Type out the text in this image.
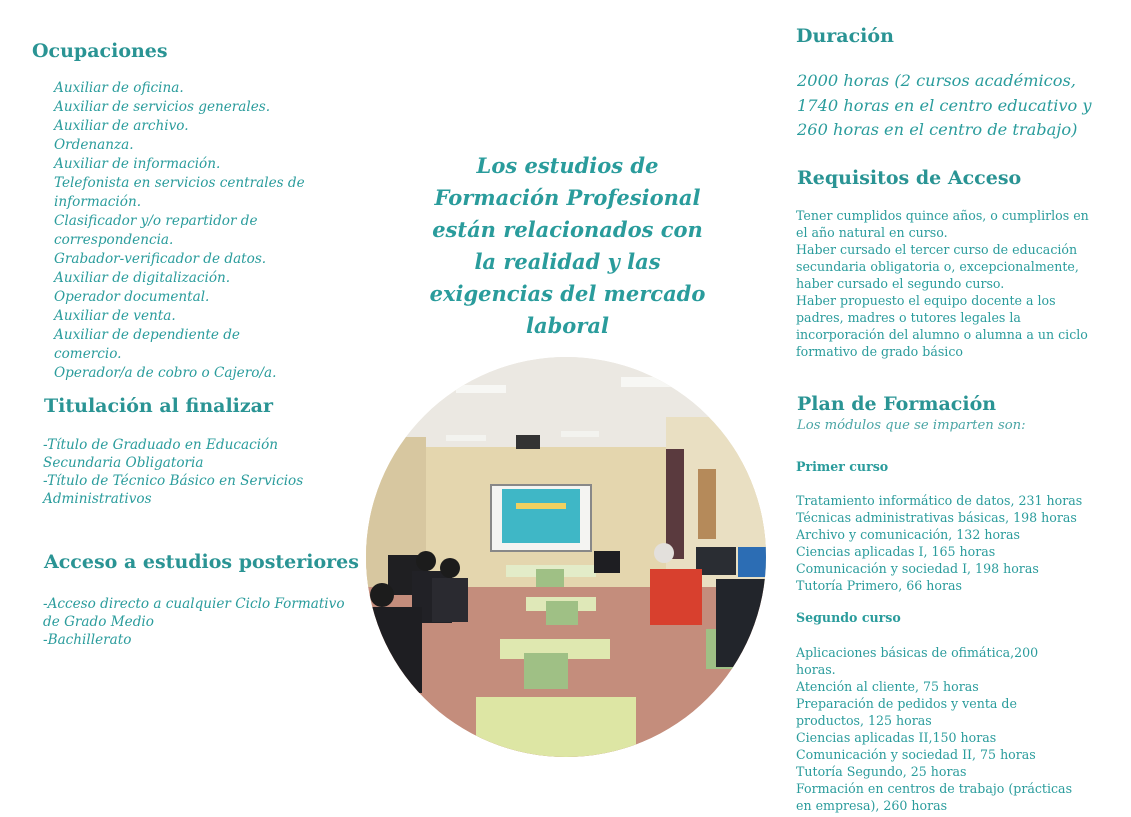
Ocupaciones
Auxiliar de oficina.
Auxiliar de servicios generales.
Auxiliar de archivo.
Ordenanza.
Auxiliar de información.
Telefonista en servicios centrales de información.
Clasificador y/o repartidor de correspondencia.
Grabador-verificador de datos.
Auxiliar de digitalización.
Operador documental.
Auxiliar de venta.
Auxiliar de dependiente de comercio.
Operador/a de cobro o Cajero/a.
Titulación al finalizar
-Título de Graduado en Educación Secundaria Obligatoria
-Título de Técnico Básico en Servicios Administrativos
Acceso a estudios posteriores
-Acceso directo a cualquier Ciclo Formativo de Grado Medio
-Bachillerato
Los estudios de Formación Profesional están relacionados con la realidad y las exigencias del mercado laboral
Duración
2000 horas (2 cursos académicos, 1740 horas en el centro educativo y 260 horas en el centro de trabajo)
Requisitos de Acceso
Tener cumplidos quince años, o cumplirlos en el año natural en curso.
Haber cursado el tercer curso de educación secundaria obligatoria o, excepcionalmente, haber cursado el segundo curso.
Haber propuesto el equipo docente a los padres, madres o tutores legales la incorporación del alumno o alumna a un ciclo formativo de grado básico
Plan de Formación
Los módulos que se imparten son:
Primer curso
Tratamiento informático de datos, 231 horas
Técnicas administrativas básicas, 198 horas
Archivo y comunicación, 132 horas
Ciencias aplicadas I, 165 horas
Comunicación y sociedad I, 198 horas
Tutoría Primero, 66 horas
Segundo curso
Aplicaciones básicas de ofimática,200 horas.
Atención al cliente, 75 horas
Preparación de pedidos y venta de productos, 125 horas
Ciencias aplicadas II,150 horas
Comunicación y sociedad II, 75 horas
Tutoría Segundo, 25 horas
Formación en centros de trabajo (prácticas en empresa), 260 horas
